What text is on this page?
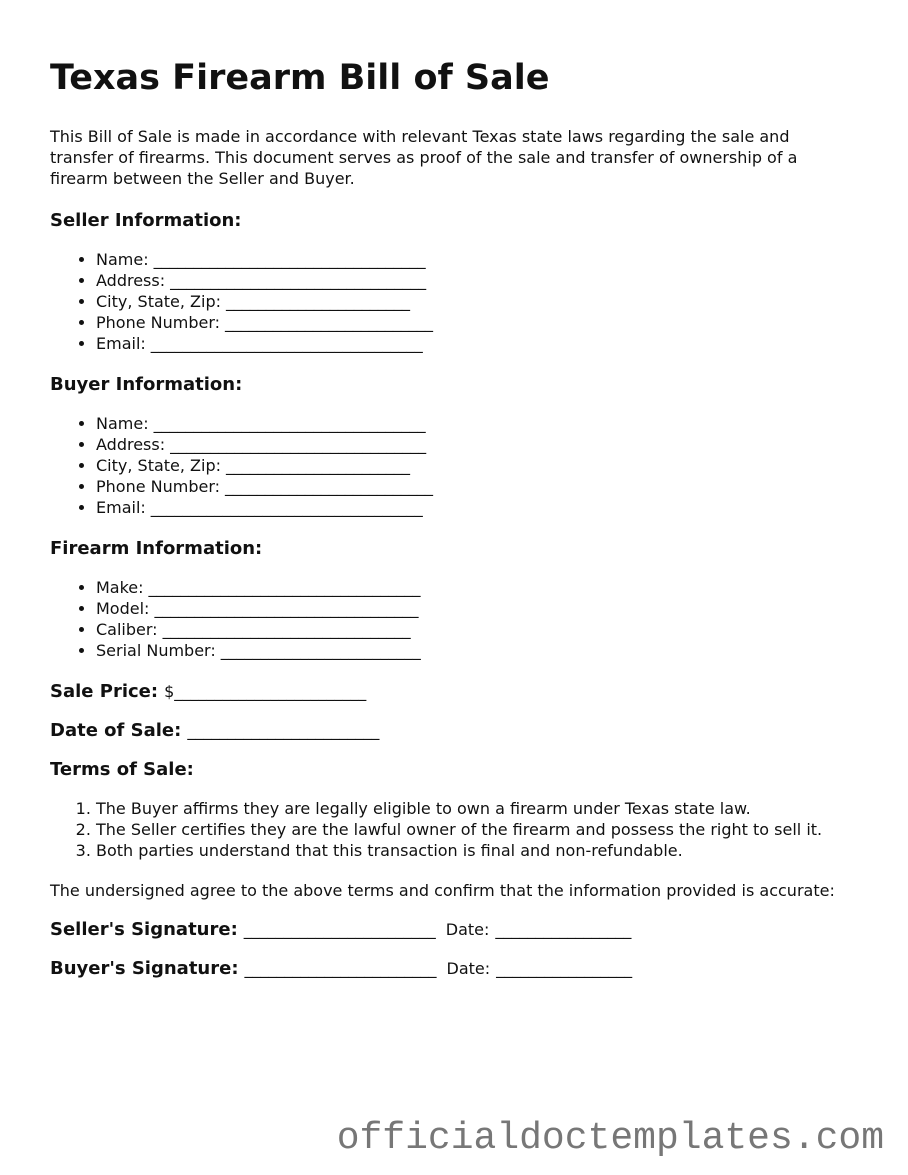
Texas Firearm Bill of Sale

This Bill of Sale is made in accordance with relevant Texas state laws regarding the sale and transfer of firearms. This document serves as proof of the sale and transfer of ownership of a firearm between the Seller and Buyer.

Seller Information:
• Name: __________________________________
• Address: ________________________________
• City, State, Zip: _______________________
• Phone Number: __________________________
• Email: __________________________________
Buyer Information:
• Name: __________________________________
• Address: ________________________________
• City, State, Zip: _______________________
• Phone Number: __________________________
• Email: __________________________________
Firearm Information:
• Make: __________________________________
• Model: _________________________________
• Caliber: _______________________________
• Serial Number: _________________________

Sale Price: $________________________

Date of Sale: ________________________

Terms of Sale:
1. The Buyer affirms they are legally eligible to own a firearm under Texas state law.
2. The Seller certifies they are the lawful owner of the firearm and possess the right to sell it.
3. Both parties understand that this transaction is final and non-refundable.

The undersigned agree to the above terms and confirm that the information provided is accurate:

Seller's Signature: ________________________ Date: _________________

Buyer's Signature: ________________________ Date: _________________

officialdoctemplates.com
